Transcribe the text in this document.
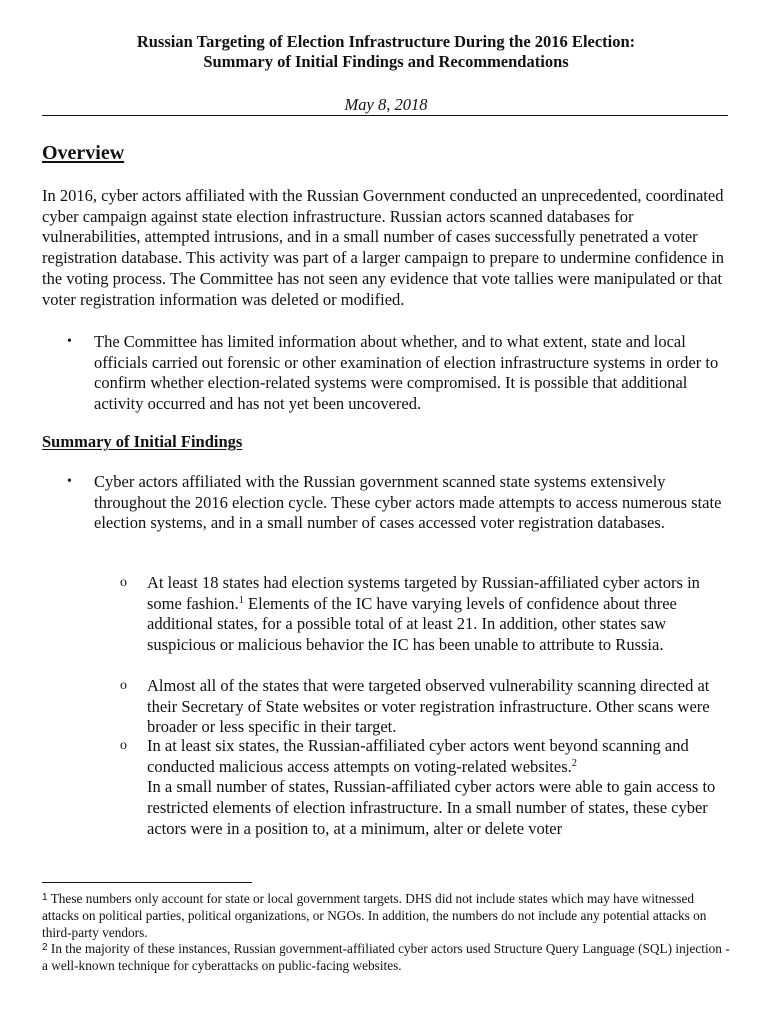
Russian Targeting of Election Infrastructure During the 2016 Election:
Summary of Initial Findings and Recommendations
May 8, 2018
Overview
In 2016, cyber actors affiliated with the Russian Government conducted an unprecedented, coordinated cyber campaign against state election infrastructure. Russian actors scanned databases for vulnerabilities, attempted intrusions, and in a small number of cases successfully penetrated a voter registration database. This activity was part of a larger campaign to prepare to undermine confidence in the voting process. The Committee has not seen any evidence that vote tallies were manipulated or that voter registration information was deleted or modified.
• The Committee has limited information about whether, and to what extent, state and local officials carried out forensic or other examination of election infrastructure systems in order to confirm whether election-related systems were compromised. It is possible that additional activity occurred and has not yet been uncovered.
Summary of Initial Findings
• Cyber actors affiliated with the Russian government scanned state systems extensively throughout the 2016 election cycle. These cyber actors made attempts to access numerous state election systems, and in a small number of cases accessed voter registration databases.
o At least 18 states had election systems targeted by Russian-affiliated cyber actors in some fashion.$^1$ Elements of the IC have varying levels of confidence about three additional states, for a possible total of at least 21. In addition, other states saw suspicious or malicious behavior the IC has been unable to attribute to Russia.
o Almost all of the states that were targeted observed vulnerability scanning directed at their Secretary of State websites or voter registration infrastructure. Other scans were broader or less specific in their target.
o In at least six states, the Russian-affiliated cyber actors went beyond scanning and conducted malicious access attempts on voting-related websites.$^2$
In a small number of states, Russian-affiliated cyber actors were able to gain access to restricted elements of election infrastructure. In a small number of states, these cyber actors were in a position to, at a minimum, alter or delete voter
$^1$ These numbers only account for state or local government targets. DHS did not include states which may have witnessed attacks on political parties, political organizations, or NGOs. In addition, the numbers do not include any potential attacks on third-party vendors.
$^2$ In the majority of these instances, Russian government-affiliated cyber actors used Structure Query Language (SQL) injection - a well-known technique for cyberattacks on public-facing websites.
